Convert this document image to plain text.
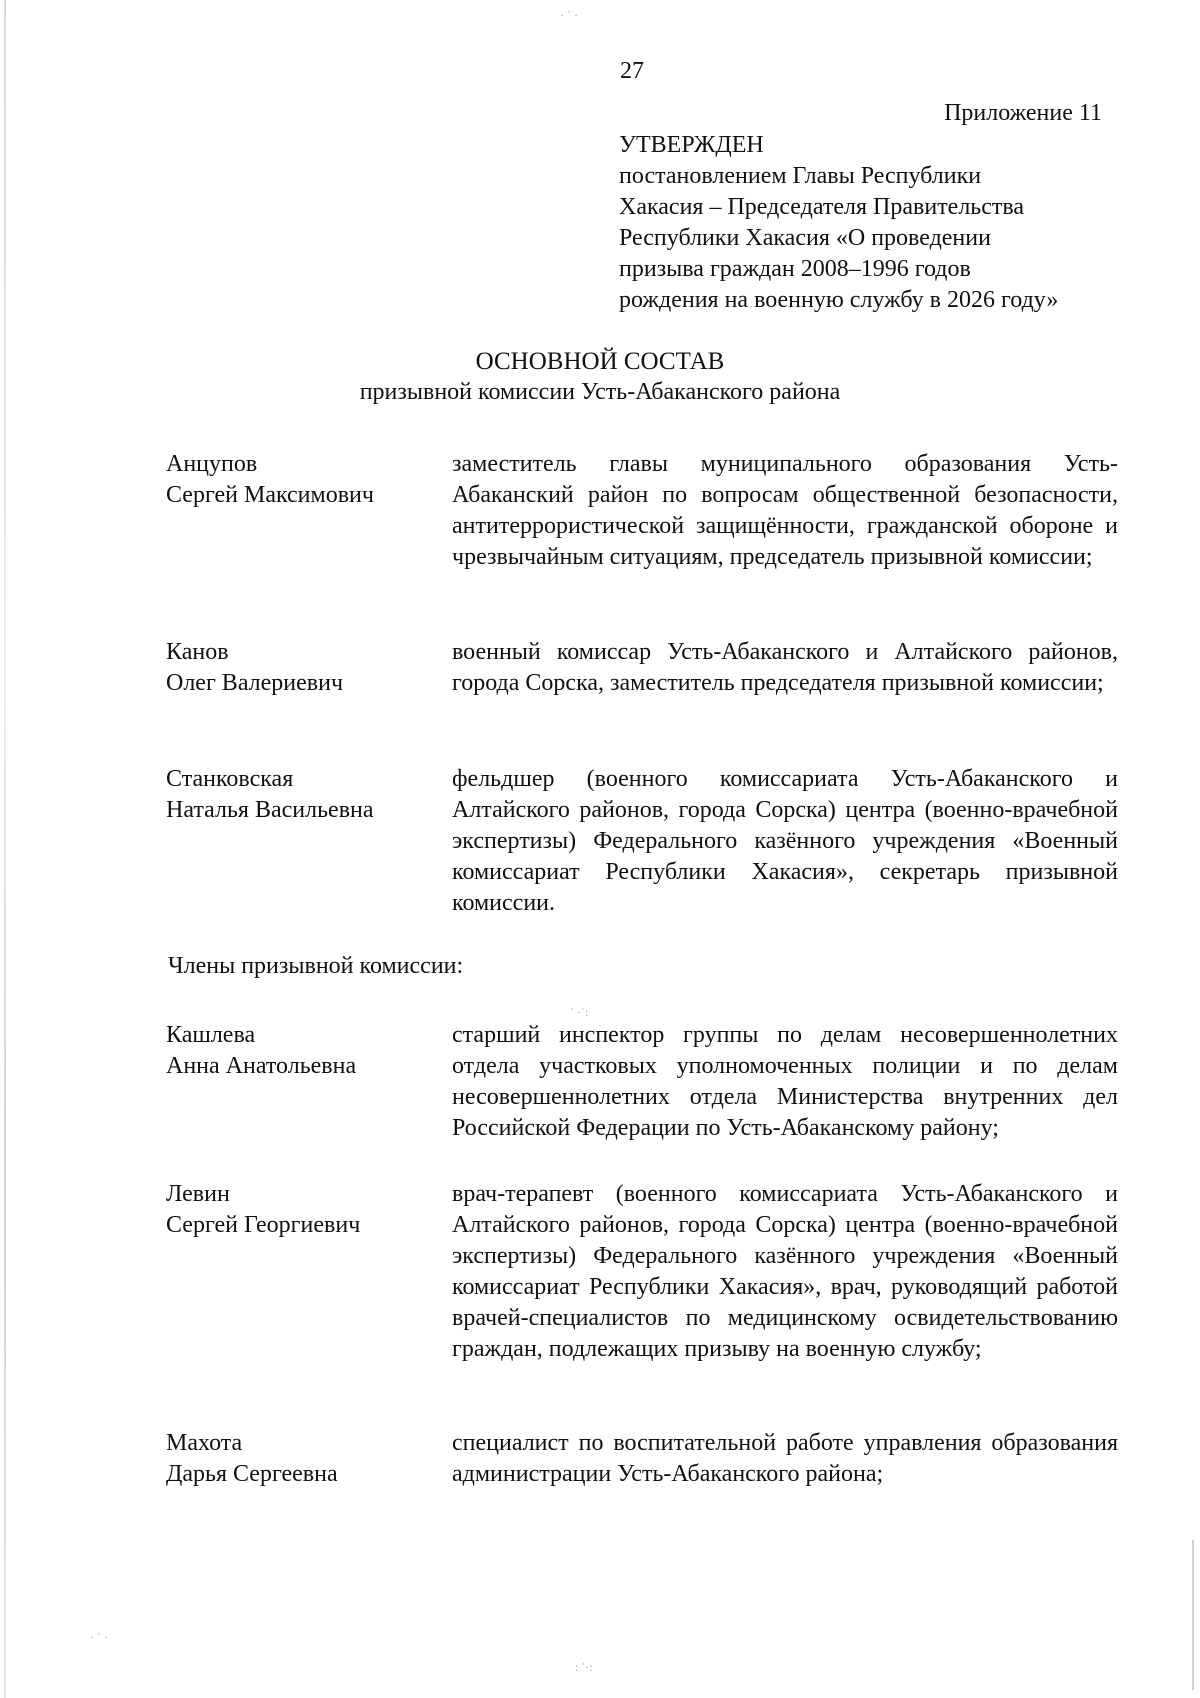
27
Приложение 11
УТВЕРЖДЕН
постановлением Главы Республики
Хакасия – Председателя Правительства
Республики Хакасия «О проведении
призыва граждан 2008–1996 годов
рождения на военную службу в 2026 году»
ОСНОВНОЙ СОСТАВ
призывной комиссии Усть-Абаканского района
Анцупов
Сергей Максимович
заместитель главы муниципального образования Усть-Абаканский район по вопросам общественной безопасности, антитеррористической защищённости, гражданской обороне и чрезвычайным ситуациям, председатель призывной комиссии;
Канов
Олег Валериевич
военный комиссар Усть-Абаканского и Алтайского районов, города Сорска, заместитель председателя призывной комиссии;
Станковская
Наталья Васильевна
фельдшер (военного комиссариата Усть-Абаканского и Алтайского районов, города Сорска) центра (военно-врачебной экспертизы) Федерального казённого учреждения «Военный комиссариат Республики Хакасия», секретарь призывной комиссии.
Члены призывной комиссии:
Кашлева
Анна Анатольевна
старший инспектор группы по делам несовершеннолетних отдела участковых уполномоченных полиции и по делам несовершеннолетних отдела Министерства внутренних дел Российской Федерации по Усть-Абаканскому району;
Левин
Сергей Георгиевич
врач-терапевт (военного комиссариата Усть-Абаканского и Алтайского районов, города Сорска) центра (военно-врачебной экспертизы) Федерального казённого учреждения «Военный комиссариат Республики Хакасия», врач, руководящий работой врачей-специалистов по медицинскому освидетельствованию граждан, подлежащих призыву на военную службу;
Махота
Дарья Сергеевна
специалист по воспитательной работе управления образования администрации Усть-Абаканского района;
· ˙ ·
˙ ·˙:
: ˙·:
· ˙ ·
